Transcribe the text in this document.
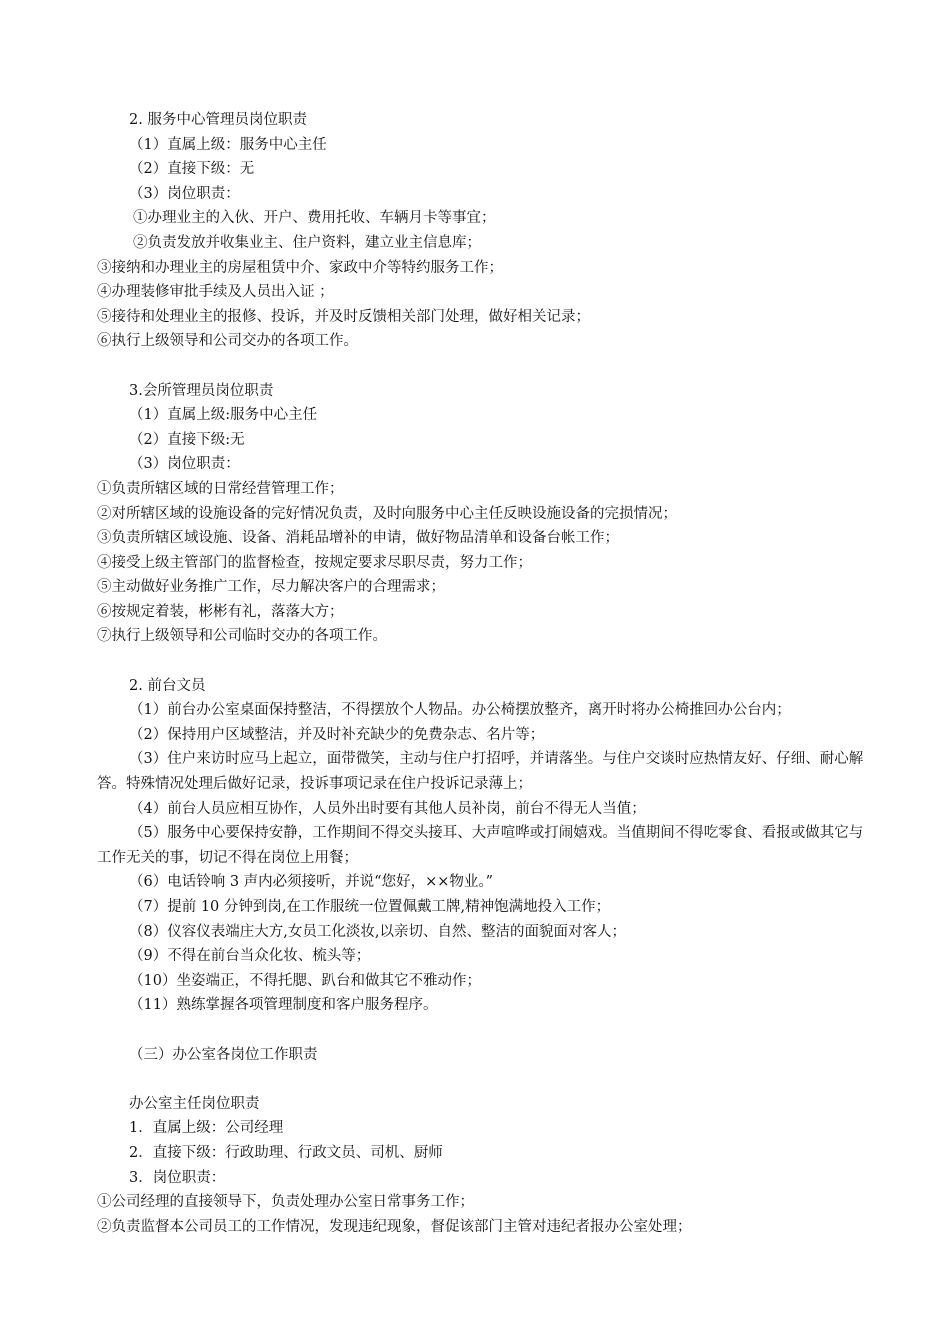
2. 服务中心管理员岗位职责
（1）直属上级：服务中心主任
（2）直接下级：无
（3）岗位职责：
①办理业主的入伙、开户、费用托收、车辆月卡等事宜；
②负责发放并收集业主、住户资料，建立业主信息库；
③接纳和办理业主的房屋租赁中介、家政中介等特约服务工作；
④办理装修审批手续及人员出入证 ；
⑤接待和处理业主的报修、投诉，并及时反馈相关部门处理，做好相关记录；
⑥执行上级领导和公司交办的各项工作。
3.会所管理员岗位职责
（1）直属上级:服务中心主任
（2）直接下级:无
（3）岗位职责：
①负责所辖区域的日常经营管理工作；
②对所辖区域的设施设备的完好情况负责，及时向服务中心主任反映设施设备的完损情况；
③负责所辖区域设施、设备、消耗品增补的申请，做好物品清单和设备台帐工作；
④接受上级主管部门的监督检查，按规定要求尽职尽责，努力工作；
⑤主动做好业务推广工作，尽力解决客户的合理需求；
⑥按规定着装，彬彬有礼，落落大方；
⑦执行上级领导和公司临时交办的各项工作。
2. 前台文员
（1）前台办公室桌面保持整洁，不得摆放个人物品。办公椅摆放整齐，离开时将办公椅推回办公台内；
（2）保持用户区域整洁，并及时补充缺少的免费杂志、名片等；
（3）住户来访时应马上起立，面带微笑，主动与住户打招呼，并请落坐。与住户交谈时应热情友好、仔细、耐心解答。特殊情况处理后做好记录，投诉事项记录在住户投诉记录薄上；
（4）前台人员应相互协作，人员外出时要有其他人员补岗，前台不得无人当值；
（5）服务中心要保持安静，工作期间不得交头接耳、大声喧哗或打闹嬉戏。当值期间不得吃零食、看报或做其它与工作无关的事，切记不得在岗位上用餐；
（6）电话铃响 3 声内必须接听，并说“您好，××物业。”
（7）提前 10 分钟到岗,在工作服统一位置佩戴工牌,精神饱满地投入工作；
（8）仪容仪表端庄大方,女员工化淡妆,以亲切、自然、整洁的面貌面对客人；
（9）不得在前台当众化妆、梳头等；
（10）坐姿端正，不得托腮、趴台和做其它不雅动作；
（11）熟练掌握各项管理制度和客户服务程序。
（三）办公室各岗位工作职责
办公室主任岗位职责
1．直属上级：公司经理
2．直接下级：行政助理、行政文员、司机、厨师
3．岗位职责：
①公司经理的直接领导下，负责处理办公室日常事务工作；
②负责监督本公司员工的工作情况，发现违纪现象，督促该部门主管对违纪者报办公室处理；
